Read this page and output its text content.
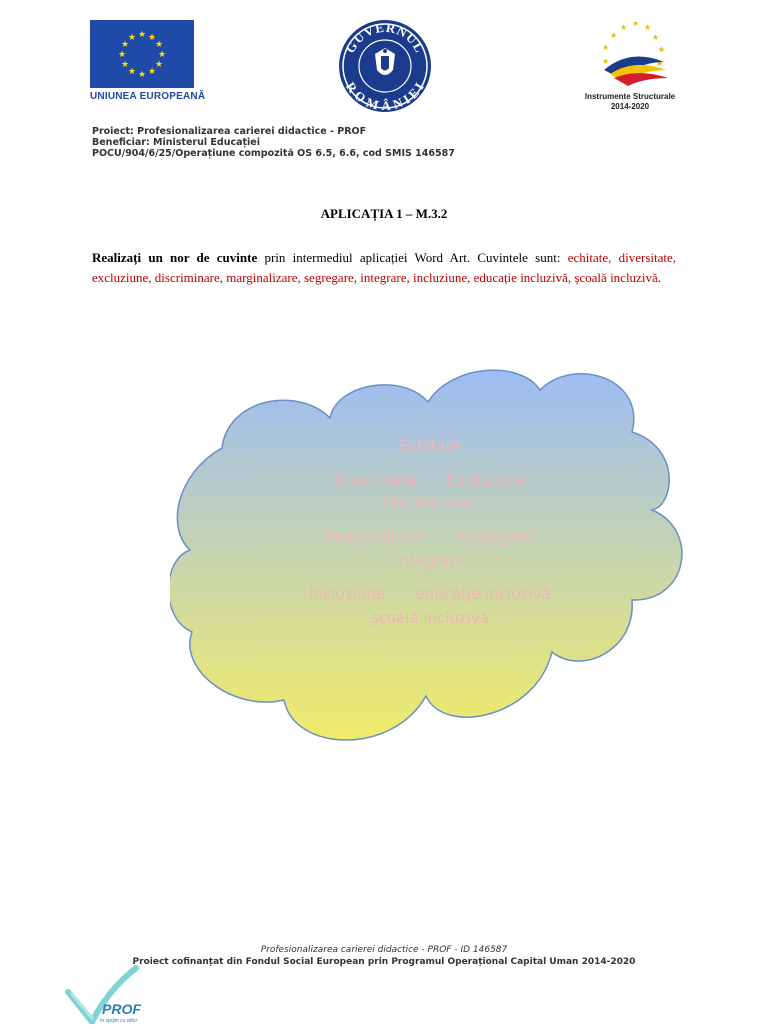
★ ★
★
★
★
★
★
★
★
★
★
★
UNIUNEA EUROPEANĂ
GUVERNUL
ROMÂNIEI
★ ★ ★
★	★
★	★
★	★
Instrumente Structurale
2014-2020
Proiect: Profesionalizarea carierei didactice - PROF
Beneficiar: Ministerul Educației
POCU/904/6/25/Operațiune compozită OS 6.5, 6.6, cod SMIS 146587
APLICAȚIA 1 – M.3.2
Realizați un nor de cuvinte prin intermediul aplicației Word Art. Cuvintele sunt: echitate, diversitate, excluziune, discriminare, marginalizare, segregare, integrare, incluziune, educație incluzivă, școală incluzivă.
Echitate
Diversitate Excluziune
Discriminare
Marginalizare Segregare
Integrare
Incluziune educație incluzivă
școală incluzivă
Profesionalizarea carierei didactice - PROF - ID 146587
Proiect cofinanțat din Fondul Social European prin Programul Operațional Capital Uman 2014-2020
PROF
în sprijin cu viitor
